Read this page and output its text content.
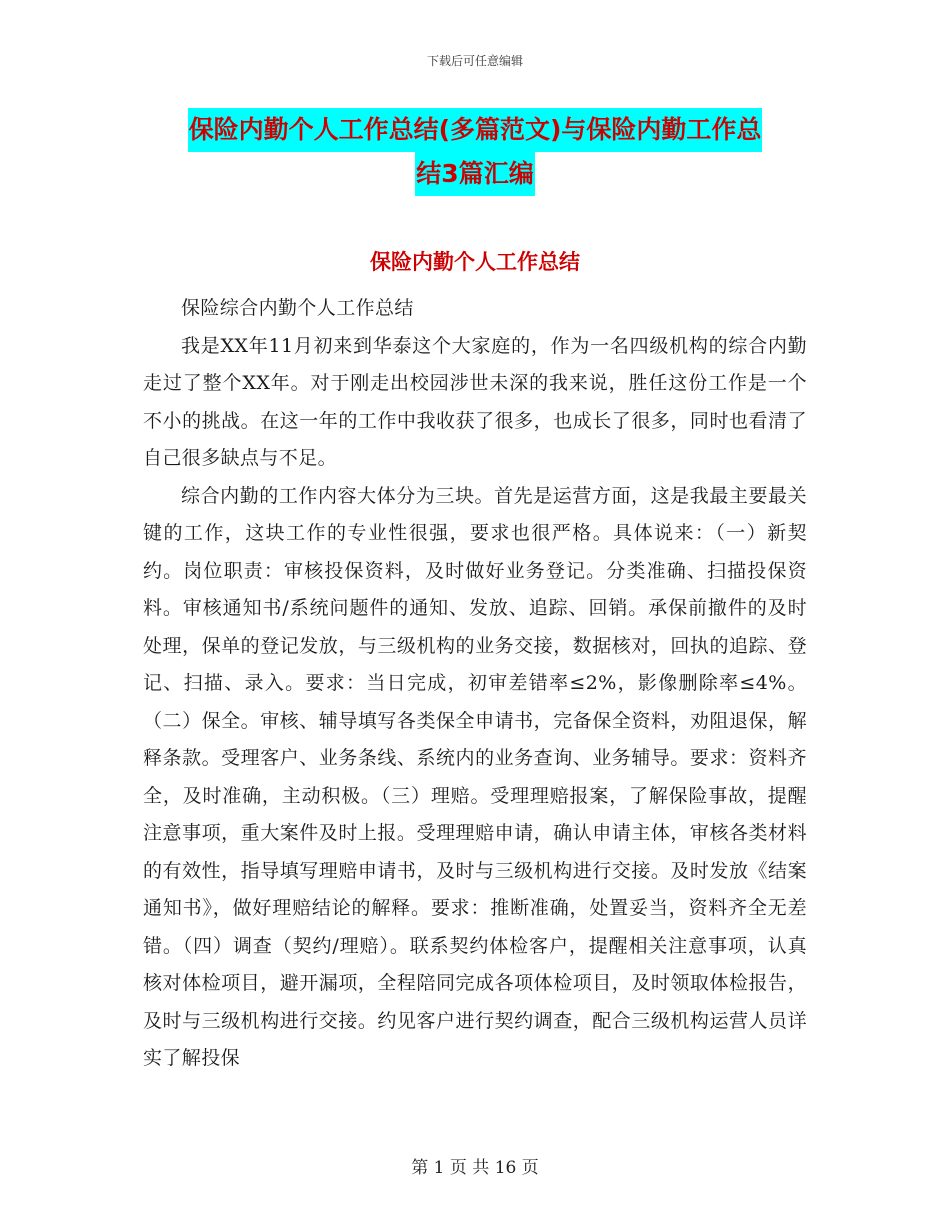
下载后可任意编辑
保险内勤个人工作总结(多篇范文)与保险内勤工作总
结3篇汇编
保险内勤个人工作总结

保险综合内勤个人工作总结

我是XX年11月初来到华泰这个大家庭的，作为一名四级机构的综合内勤走过了整个XX年。对于刚走出校园涉世未深的我来说，胜任这份工作是一个不小的挑战。在这一年的工作中我收获了很多，也成长了很多，同时也看清了自己很多缺点与不足。

综合内勤的工作内容大体分为三块。首先是运营方面，这是我最主要最关键的工作，这块工作的专业性很强，要求也很严格。具体说来：（一）新契约。岗位职责：审核投保资料，及时做好业务登记。分类准确、扫描投保资料。审核通知书/系统问题件的通知、发放、追踪、回销。承保前撤件的及时处理，保单的登记发放，与三级机构的业务交接，数据核对，回执的追踪、登记、扫描、录入。要求：当日完成，初审差错率≤2%，影像删除率≤4%。（二）保全。审核、辅导填写各类保全申请书，完备保全资料，劝阻退保，解释条款。受理客户、业务条线、系统内的业务查询、业务辅导。要求：资料齐全，及时准确，主动积极。（三）理赔。受理理赔报案，了解保险事故，提醒注意事项，重大案件及时上报。受理理赔申请，确认申请主体，审核各类材料的有效性，指导填写理赔申请书，及时与三级机构进行交接。及时发放《结案通知书》，做好理赔结论的解释。要求：推断准确，处置妥当，资料齐全无差错。（四）调查（契约/理赔）。联系契约体检客户，提醒相关注意事项，认真核对体检项目，避开漏项，全程陪同完成各项体检项目，及时领取体检报告，及时与三级机构进行交接。约见客户进行契约调查，配合三级机构运营人员详实了解投保

第 1 页 共 16 页
